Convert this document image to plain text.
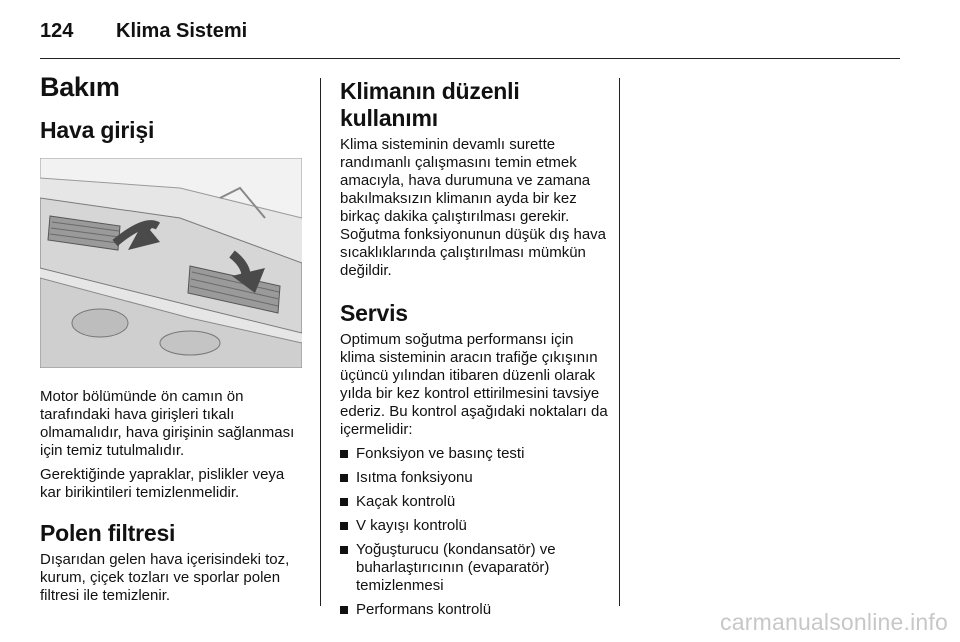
124 Klima Sistemi
Bakım
Hava girişi

Motor bölümünde ön camın ön tarafındaki hava girişleri tıkalı olmamalıdır, hava girişinin sağlanması için temiz tutulmalıdır.

Gerektiğinde yapraklar, pislikler veya kar birikintileri temizlenmelidir.

Polen filtresi

Dışarıdan gelen hava içerisindeki toz, kurum, çiçek tozları ve sporlar polen filtresi ile temizlenir.

Klimanın düzenli kullanımı

Klima sisteminin devamlı surette randımanlı çalışmasını temin etmek amacıyla, hava durumuna ve zamana bakılmaksızın klimanın ayda bir kez birkaç dakika çalıştırılması gerekir. Soğutma fonksiyonunun düşük dış hava sıcaklıklarında çalıştırılması mümkün değildir.

Servis

Optimum soğutma performansı için klima sisteminin aracın trafiğe çıkışının üçüncü yılından itibaren düzenli olarak yılda bir kez kontrol ettirilmesini tavsiye ederiz. Bu kontrol aşağıdaki noktaları da içermelidir:

Fonksiyon ve basınç testi
Isıtma fonksiyonu
Kaçak kontrolü
V kayışı kontrolü
Yoğuşturucu (kondansatör) ve buharlaştırıcının (evaparatör) temizlenmesi
Performans kontrolü	carmanualsonline.info
